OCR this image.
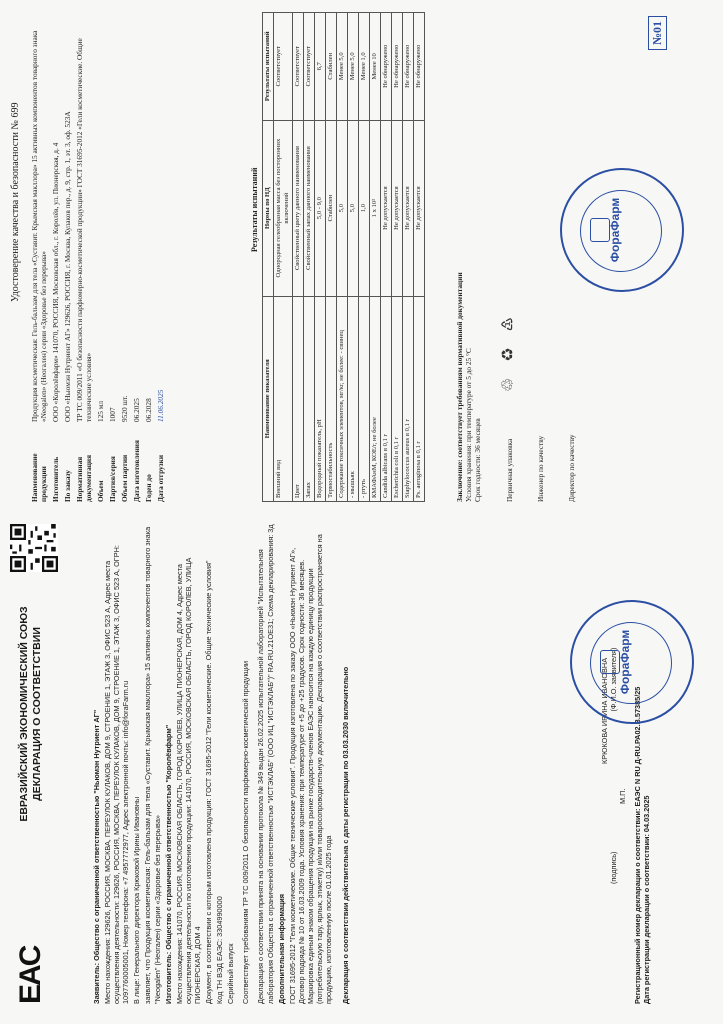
EAC
ЕВРАЗИЙСКИЙ ЭКОНОМИЧЕСКИЙ СОЮЗ ДЕКЛАРАЦИЯ О СООТВЕТСТВИИ	Заявитель: Общество с ограниченной ответственностью "Ньюмэн Нутриент АГ" Место нахождения: 129626, РОССИЯ, МОСКВА, ПЕРЕУЛОК КУЛАКОВ, ДОМ 9, СТРОЕНИЕ 1, ЭТАЖ 3, ОФИС 523 А, Адрес места осуществления деятельности: 129626, РОССИЯ, МОСКВА, ПЕРЕУЛОК КУЛАКОВ, ДОМ 9, СТРОЕНИЕ 1, ЭТАЖ 3, ОФИС 523 А, ОГРН: 1097760005001, Номер телефона: +7 4957772977, Адрес электронной почты: info@foraFarm.ru В лице: Генерального директора Крюковой Ирины Ивановны заявляет, что Продукция косметическая: Гель-бальзам для тела «Суставит. Крымская макллора» 15 активных компонентов товарного знака "Neogalen" (Неогален) серии «Здоровье без перерыва» Изготовитель: Общество с ограниченной ответственностью "Королёвфарм" Место нахождения: 141070, РОССИЯ, МОСКОВСКАЯ ОБЛАСТЬ, ГОРОД КОРОЛЕВ, УЛИЦА ПИОНЕРСКАЯ, ДОМ 4, Адрес места осуществления деятельности по изготовлению продукции: 141070, РОССИЯ, МОСКОВСКАЯ ОБЛАСТЬ, ГОРОД КОРОЛЕВ, УЛИЦА ПИОНЕРСКАЯ, ДОМ 4 Документ, в соответствии с которым изготовлена продукция: ГОСТ 31695-2012 "Гели косметические. Общие технические условия" Код ТН ВЭД ЕАЭС: 3304990000 Серийный выпуск Соответствует требованиям ТР ТС 009/2011 О безопасности парфюмерно-косметической продукции Декларация о соответствии принята на основании протокола № 349 выдан 26.02.2025 испытательной лабораторией "Испытательная лаборатория Общества с ограниченной ответственностью "ИСТЭКЛАБ" (ООО ИЦ "ИСТЭКЛАБ")" RA.RU.21OE31; Схема декларирования: 3д Дополнительная информация ГОСТ 31695-2012 "Гели косметические. Общие технические условия". Продукция изготовлена по заказу ООО «Ньюмэн Нутриент АГ», Договор подряда № 10 от 16.03.2009 года. Условия хранения: при температуре от +5 до +25 градусов. Срок годности: 36 месяцев. Маркировка единым знаком обращения продукции на рынке государств-членов ЕАЭС наносится на каждую единицу продукции (потребительскую тару, ярлык, этикетку) и/или товаросопроводительную документацию. Декларация о соответствии распространяется на продукцию, изготовленную после 01.01.2025 года Декларация о соответствии действительна с даты регистрации по 03.03.2030 включительно	КРЮКОВА ИРИНА ИВАНОВНА
(подпись)
(Ф.И.О. заявителя)
М.П. Регистрационный номер декларации о соответствии: ЕАЭС N RU Д-RU.РА02.В.57385/25 Дата регистрации декларации о соответствии: 04.03.2025
ФораФарм
Удостоверение качества и безопасности № 699
Наименование продукции
Продукция косметическая: Гель-бальзам для тела «Суставит. Крымская макллора» 15 активных компонентов товарного знака «Neogalen» (Неогален) серии «Здоровье без перерыва»
Изготовитель
ООО «Королёвфарм» 141070, РОССИЯ, Московская обл., г. Королёв, ул. Пионерская, д. 4
По заказу
ООО «Ньюмэн Нутриент АГ» 129626, РОССИЯ, г. Москва, Кулаков пер., д. 9, стр. 1, эт. 3, оф. 523А
Нормативная документация
ТР ТС 009/2011 «О безопасности парфюмерно-косметической продукции» ГОСТ 31695-2012 «Гели косметические. Общие технические условия»
Объем
125 мл
Партия/серия
1007
Объем партии
9520 шт.
Дата изготовления
06.2025
Годен до
06.2028
Дата отгрузки
11.06.2025
Результаты испытаний
Наименование показателя	Нормы по НД	Результаты испытаний
Внешний вид	Однородная гелеобразная масса без посторонних включений	Соответствует
Цвет	Свойственный цвету данного наименования	Соответствует
Запах	Свойственный запах данного наименования	Соответствует
Водородный показатель, pH	5,0 - 9,0	6,7
Термостабильность	Стабилен	Стабилен
Содержание токсичных элементов, мг/кг, не более: - свинец	5,0	Менее 5,0
- мышьяк	5,0	Менее 5,0
- ртуть	1,0	Менее 1,0
КМАФАнМ, КОЕ/г, не более	1 х 10²	Менее 10
Candida albicans в 0,1 г	Не допускается	Не обнаружено
Escherichia coli в 0,1 г	Не допускается	Не обнаружено
Staphylococcus aureus в 0,1 г	Не допускается	Не обнаружено
Ps. aeruginosa в 0,1 г	Не допускается	Не обнаружено
Заключение: соответствует требованиям нормативной документации Условия хранения: при температуре от 5 до 25 °С Срок годности: 36 месяцев	Первичная упаковка	Инженер по качеству	Директор по качеству
♲ ♻ ♳
ФораФарм
№01
